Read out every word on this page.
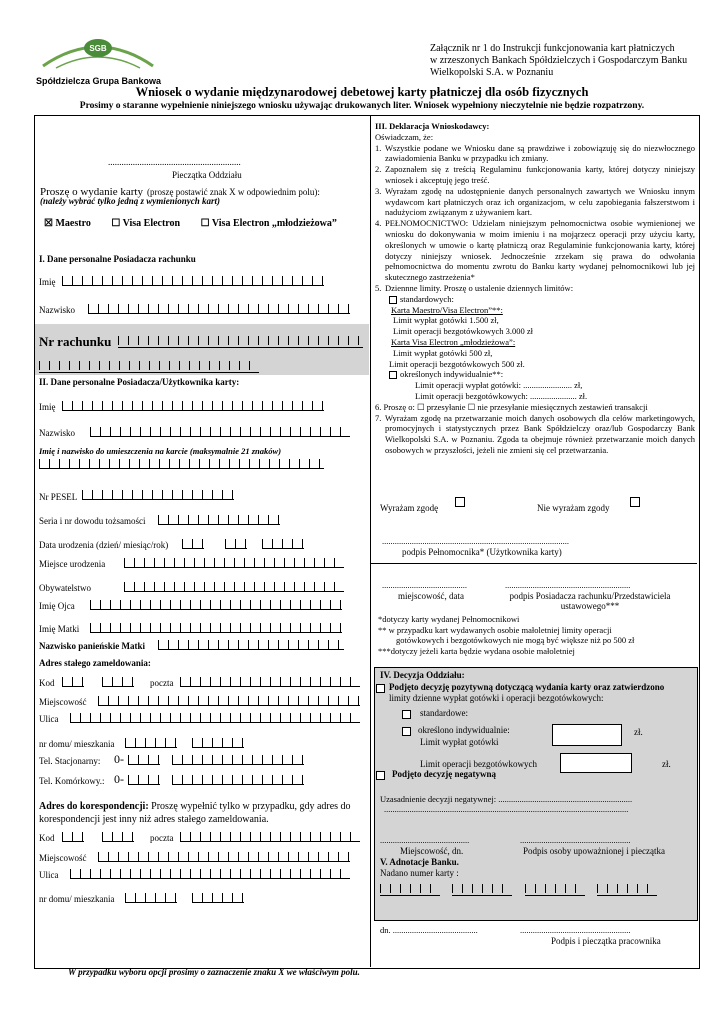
SGB
Spółdzielcza Grupa Bankowa
Załącznik nr 1 do Instrukcji funkcjonowania kart płatniczych
w zrzeszonych Bankach Spółdzielczych i Gospodarczym Banku
Wielkopolski S.A. w Poznaniu
Wniosek o wydanie międzynarodowej debetowej karty płatniczej dla osób fizycznych
Prosimy o staranne wypełnienie niniejszego wniosku używając drukowanych liter. Wniosek wypełniony nieczytelnie nie będzie rozpatrzony.
...........................................................
Pieczątka Oddziału
Proszę o wydanie karty (proszę postawić znak X w odpowiednim polu):
(należy wybrać tylko jedną z wymienionych kart)
☒ Maestro ☐ Visa Electron ☐ Visa Electron „młodzieżowa”
I. Dane personalne Posiadacza rachunku
Imię
Nazwisko
Nr rachunku
II. Dane personalne Posiadacza/Użytkownika karty:
Imię
Nazwisko
Imię i nazwisko do umieszczenia na karcie (maksymalnie 21 znaków)
Nr PESEL
Seria i nr dowodu tożsamości
Data urodzenia (dzień/ miesiąc/rok)
Miejsce urodzenia
Obywatelstwo
Imię Ojca
Imię Matki
Nazwisko panieńskie Matki
Adres stałego zameldowania:
Kod	poczta
Miejscowość
Ulica
nr domu/ mieszkania
Tel. Stacjonarny: 0-
Tel. Komórkowy.: 0-
Adres do korespondencji: Proszę wypełnić tylko w przypadku, gdy adres do korespondencji jest inny niż adres stałego zameldowania.
Kod	poczta
Miejscowość
Ulica
nr domu/ mieszkania
III. Deklaracja Wnioskodawcy:
Oświadczam, że:
1. Wszystkie podane we Wniosku dane są prawdziwe i zobowiązuję się do niezwłocznego zawiadomienia Banku w przypadku ich zmiany.
2. Zapoznałem się z treścią Regulaminu funkcjonowania karty, której dotyczy niniejszy wniosek i akceptuję jego treść.
3. Wyrażam zgodę na udostępnienie danych personalnych zawartych we Wniosku innym wydawcom kart płatniczych oraz ich organizacjom, w celu zapobiegania fałszerstwom i nadużyciom związanym z używaniem kart.
4. PEŁNOMOCNICTWO: Udzielam niniejszym pełnomocnictwa osobie wymienionej we wniosku do dokonywania w moim imieniu i na mojąrzecz operacji przy użyciu karty, określonych w umowie o kartę płatniczą oraz Regulaminie funkcjonowania karty, której dotyczy niniejszy wniosek. Jednocześnie zrzekam się prawa do odwołania pełnomocnictwa do momentu zwrotu do Banku karty wydanej pełnomocnikowi lub jej skutecznego zastrzeżenia*
5. Dziennne limity. Proszę o ustalenie dziennych limitów:
standardowych:
Karta Maestro/Visa Electron”**:
Limit wypłat gotówki 1.500 zł,
Limit operacji bezgotówkowych 3.000 zł
Karta Visa Electron „młodzieżowa”:
Limit wypłat gotówki 500 zł,
Limit operacji bezgotówkowych 500 zł.
określonych indywidualnie**:
Limit operacji wypłat gotówki: ....................... zł,
Limit operacji bezgotówkowych: ...................... zł.
6. Proszę o: ☐ przesyłanie ☐ nie przesyłanie miesięcznych zestawień transakcji
7. Wyrażam zgodę na przetwarzanie moich danych osobowych dla celów marketingowych, promocyjnych i statystycznych przez Bank Spółdzielczy oraz/lub Gospodarczy Bank Wielkopolski S.A. w Poznaniu. Zgoda ta obejmuje również przetwarzanie moich danych osobowych w przyszłości, jeżeli nie zmieni się cel przetwarzania.
Wyrażam zgodę	Nie wyrażam zgody
........................................................................................
podpis Pełnomocnika* (Użytkownika karty)
........................................	...........................................................
miejscowość, data	podpis Posiadacza rachunku/Przedstawiciela
ustawowego***
*dotyczy karty wydanej Pełnomocnikowi
** w przypadku kart wydawanych osobie małoletniej limity operacji
gotówkowych i bezgotówkowych nie mogą być większe niż po 500 zł
***dotyczy jeżeli karta będzie wydana osobie małoletniej
IV. Decyzja Oddziału:
Podjęto decyzję pozytywną dotyczącą wydania karty oraz zatwierdzono
limity dzienne wypłat gotówki i operacji bezgotówkowych:
standardowe:
określono indywidualnie:
Limit wypłat gotówki
zł.
Limit operacji bezgotówkowych	zł.
Podjęto decyzję negatywną
Uzasadnienie decyzji negatywnej: ...............................................................
...................................................................................................................
..........................................	....................................................
Miejscowość, dn.	Podpis osoby upoważnionej i pieczątka
V. Adnotacje Banku.
Nadano numer karty :
dn. ........................................	....................................................
Podpis i pieczątka pracownika
W przypadku wyboru opcji prosimy o zaznaczenie znaku X we właściwym polu.
